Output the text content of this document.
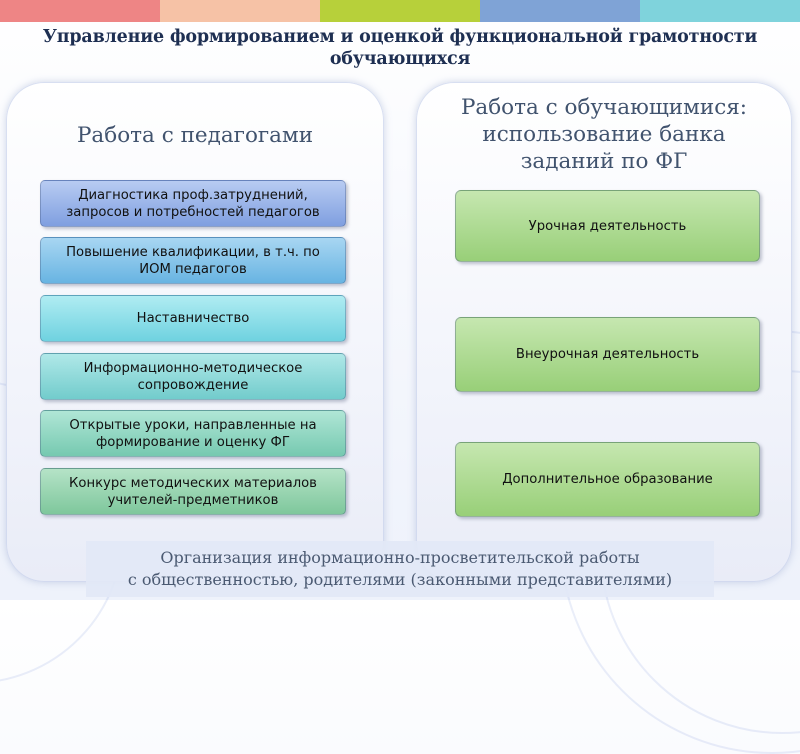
Управление формированием и оценкой функциональной грамотности
обучающихся
Работа с педагогами
Диагностика проф.затруднений,
запросов и потребностей педагогов
Повышение квалификации, в т.ч. по
ИОМ педагогов
Наставничество
Информационно-методическое
сопровождение
Открытые уроки, направленные на
формирование и оценку ФГ
Конкурс методических материалов
учителей-предметников
Работа с обучающимися:
использование банка
заданий по ФГ
Урочная деятельность
Внеурочная деятельность
Дополнительное образование
Организация информационно-просветительской работы
с общественностью, родителями (законными представителями)
